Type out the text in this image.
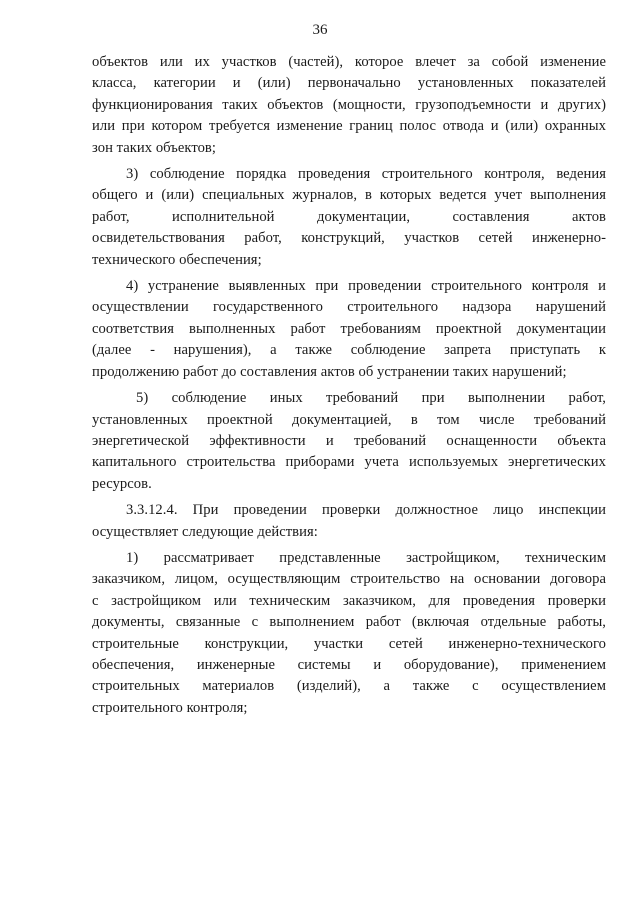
36
объектов или их участков (частей), которое влечет за собой изменение
класса, категории и (или) первоначально установленных показателей
функционирования таких объектов (мощности, грузоподъемности и других)
или при котором требуется изменение границ полос отвода и (или) охранных
зон таких объектов;
3) соблюдение порядка проведения строительного контроля, ведения
общего и (или) специальных журналов, в которых ведется учет выполнения
работ, исполнительной документации, составления актов
освидетельствования работ, конструкций, участков сетей инженерно-
технического обеспечения;
4) устранение выявленных при проведении строительного контроля и
осуществлении государственного строительного надзора нарушений
соответствия выполненных работ требованиям проектной документации
(далее - нарушения), а также соблюдение запрета приступать к
продолжению работ до составления актов об устранении таких нарушений;
5) соблюдение иных требований при выполнении работ,
установленных проектной документацией, в том числе требований
энергетической эффективности и требований оснащенности объекта
капитального строительства приборами учета используемых энергетических
ресурсов.
3.3.12.4. При проведении проверки должностное лицо инспекции
осуществляет следующие действия:
1) рассматривает представленные застройщиком, техническим
заказчиком, лицом, осуществляющим строительство на основании договора
с застройщиком или техническим заказчиком, для проведения проверки
документы, связанные с выполнением работ (включая отдельные работы,
строительные конструкции, участки сетей инженерно-технического
обеспечения, инженерные системы и оборудование), применением
строительных материалов (изделий), а также с осуществлением
строительного контроля;
